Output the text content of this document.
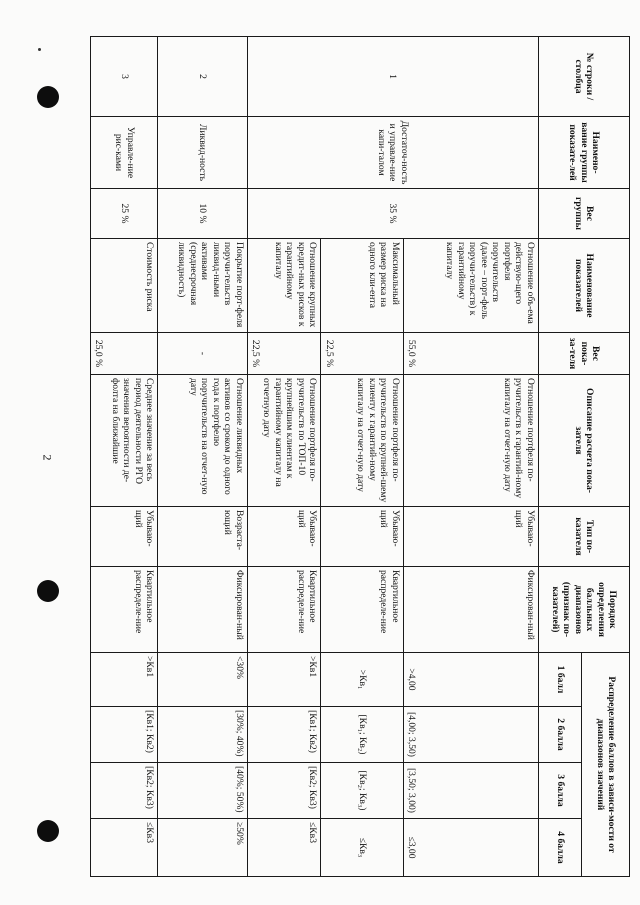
2
№ строки / столбца	Наимено-вание группы показате-лей	Вес группы	Наименование показателей	Вес пока-за-теля	Описание расчета пока-зателя	Тип по-казателя	Порядок определения балльных диапазонов (признак по-казателей)	Распределение баллов в зависи-мости от диапазонов значений			
								1 балл	2 балла	3 балла	4 балла
1	Достаточ-ность и управле-ние капи-талом	35 %	Отношение объ-ема действую-щего портфеля поручительств (далее – порт-фель поручи-тельств) к гарантийному капиталу	55,0 %	Отношение портфеля по-ручительств к гарантий-ному капиталу на отчет-ную дату	Убываю-щий	Фиксирован-ный	>4,00	[4,00; 3,50)	[3,50; 3,00)	≤3,00
			Максимальный размер риска на одного кли-ента	22,5 %	Отношение портфеля по-ручительств по крупней-шему клиенту к гарантий-ному капиталу на отчет-ную дату	Убываю-щий	Квартильное распределе-ние	>Кв₁	[Кв₁; Кв₂)	[Кв₂; Кв₃)	≤Кв₃
			Отношение крупных кредит-ных рисков к гарантийному капиталу	22,5 %	Отношение портфеля по-ручительств по ТОП-10 крупнейшим клиентам к гарантийному капиталу на отчетную дату	Убываю-щий	Квартильное распределе-ние	>Кв1	[Кв1; Кв2)	[Кв2; Кв3)	≤Кв3
2	Ликвид-ность	10 %	Покрытие порт-феля поручи-тельств ликвид-ными активами (среднесрочная ликвидность)	-	Отношение ликвидных активов со сроком до одного года к портфелю поручительств на отчет-ную дату	Возраста-ющий	Фиксирован-ный	<30%	[30%; 40%)	[40%; 50%)	≥50%
3	Управле-ние рис-ками	25 %	Стоимость риска	25,0 %	Среднее значение за весь период деятельности РГО значения вероятности де-фолта на ближайшие	Убываю-щий	Квартильное распределе-ние	>Кв1	[Кв1; Кв2)	[Кв2; Кв3)	≤Кв3
